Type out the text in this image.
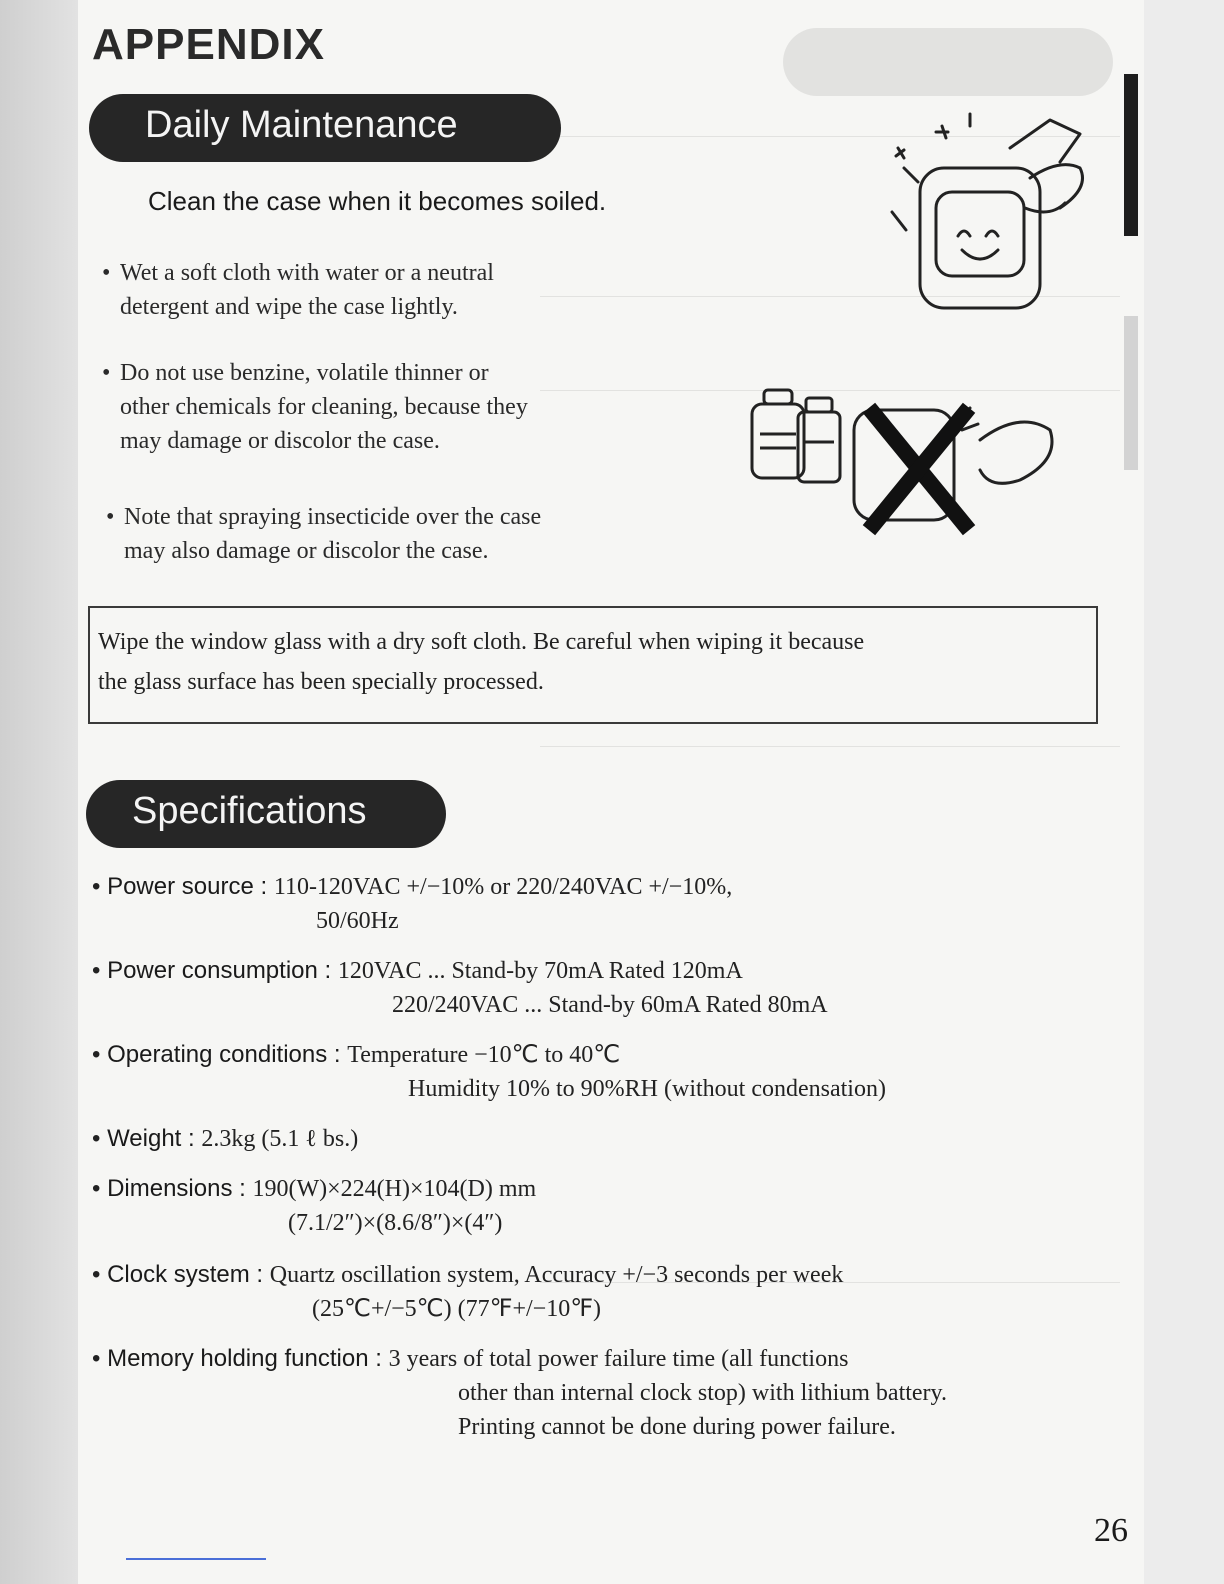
APPENDIX
Daily Maintenance
Clean the case when it becomes soiled.
• Wet a soft cloth with water or a neutral
detergent and wipe the case lightly.
• Do not use benzine, volatile thinner or
other chemicals for cleaning, because they
may damage or discolor the case.
• Note that spraying insecticide over the case
may also damage or discolor the case.
Wipe the window glass with a dry soft cloth. Be careful when wiping it because
the glass surface has been specially processed.
Specifications
• Power source : 110-120VAC +/−10% or 220/240VAC +/−10%,
50/60Hz
• Power consumption : 120VAC ... Stand-by 70mA Rated 120mA
220/240VAC ... Stand-by 60mA Rated 80mA
• Operating conditions : Temperature −10℃ to 40℃
Humidity 10% to 90%RH (without condensation)
• Weight : 2.3kg (5.1 ℓ bs.)
• Dimensions : 190(W)×224(H)×104(D) mm
(7.1/2″)×(8.6/8″)×(4″)
• Clock system : Quartz oscillation system, Accuracy +/−3 seconds per week
(25℃+/−5℃) (77℉+/−10℉)
• Memory holding function : 3 years of total power failure time (all functions
other than internal clock stop) with lithium battery.
Printing cannot be done during power failure.
26
